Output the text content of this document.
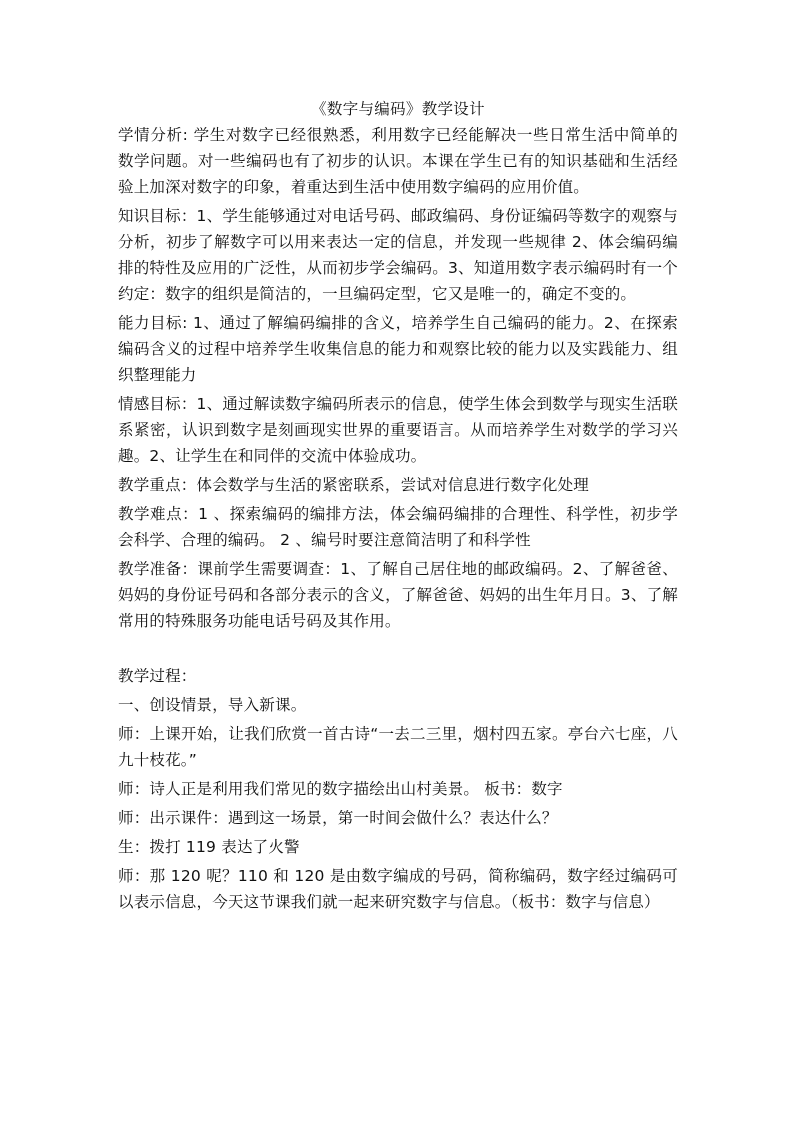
《数字与编码》教学设计
学情分析: 学生对数字已经很熟悉，利用数字已经能解决一些日常生活中简单的数学问题。对一些编码也有了初步的认识。本课在学生已有的知识基础和生活经验上加深对数字的印象，着重达到生活中使用数字编码的应用价值。
知识目标：1、学生能够通过对电话号码、邮政编码、身份证编码等数字的观察与分析，初步了解数字可以用来表达一定的信息，并发现一些规律 2、体会编码编排的特性及应用的广泛性，从而初步学会编码。3、知道用数字表示编码时有一个约定：数字的组织是简洁的，一旦编码定型，它又是唯一的，确定不变的。
能力目标: 1、通过了解编码编排的含义，培养学生自己编码的能力。2、在探索编码含义的过程中培养学生收集信息的能力和观察比较的能力以及实践能力、组织整理能力
情感目标：1、通过解读数字编码所表示的信息，使学生体会到数学与现实生活联系紧密，认识到数字是刻画现实世界的重要语言。从而培养学生对数学的学习兴趣。2、让学生在和同伴的交流中体验成功。
教学重点：体会数学与生活的紧密联系，尝试对信息进行数字化处理
教学难点：1 、探索编码的编排方法，体会编码编排的合理性、科学性，初步学会科学、合理的编码。 2 、编号时要注意简洁明了和科学性
教学准备：课前学生需要调查：1、了解自己居住地的邮政编码。2、了解爸爸、妈妈的身份证号码和各部分表示的含义，了解爸爸、妈妈的出生年月日。3、了解常用的特殊服务功能电话号码及其作用。
教学过程：
一、创设情景，导入新课。
师：上课开始，让我们欣赏一首古诗“一去二三里，烟村四五家。亭台六七座，八九十枝花。”
师：诗人正是利用我们常见的数字描绘出山村美景。 板书：数字
师：出示课件：遇到这一场景，第一时间会做什么？表达什么？
生：拨打 119 表达了火警
师：那 120 呢？110 和 120 是由数字编成的号码，简称编码，数字经过编码可以表示信息，今天这节课我们就一起来研究数字与信息。（板书：数字与信息）
